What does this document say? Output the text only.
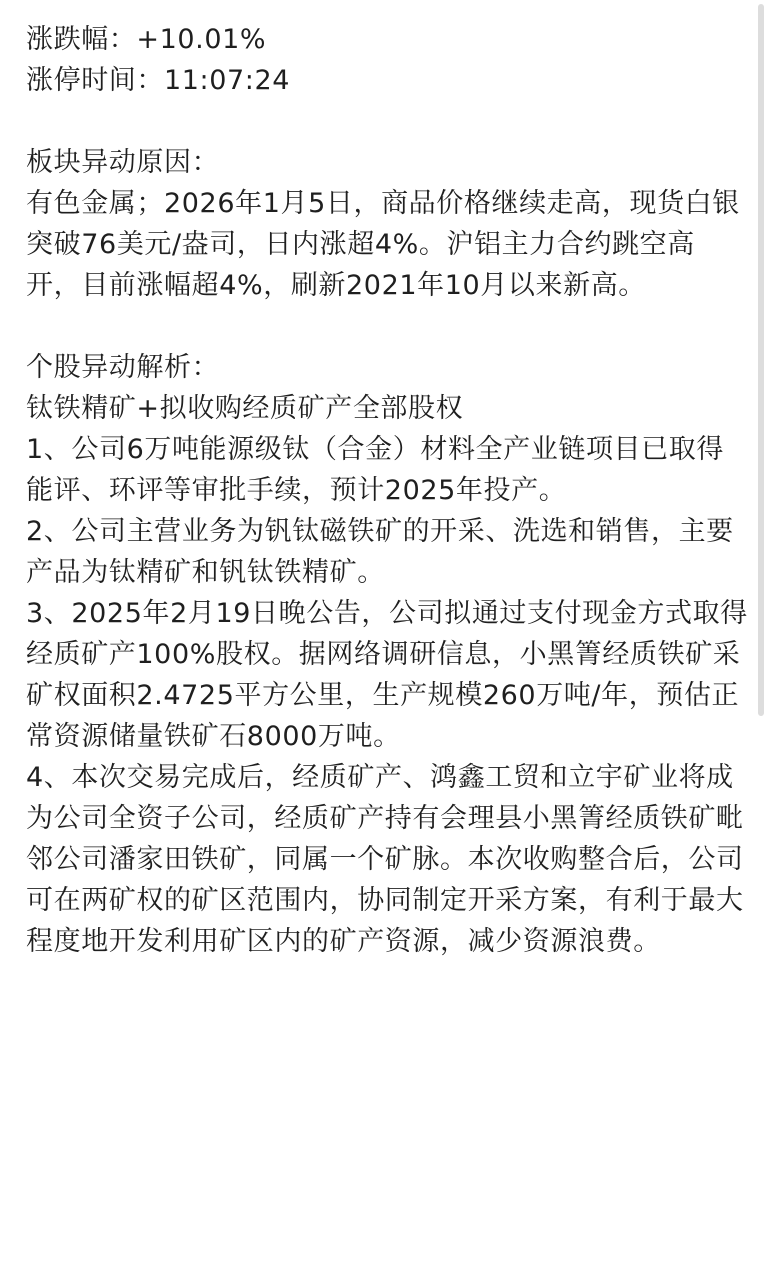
涨跌幅：+10.01%
涨停时间：11:07:24
板块异动原因：
有色金属；2026年1月5日，商品价格继续走高，现货白银突破76美元/盎司，日内涨超4%。沪铝主力合约跳空高开，目前涨幅超4%，刷新2021年10月以来新高。
个股异动解析：
钛铁精矿+拟收购经质矿产全部股权
1、公司6万吨能源级钛（合金）材料全产业链项目已取得能评、环评等审批手续，预计2025年投产。
2、公司主营业务为钒钛磁铁矿的开采、洗选和销售，主要产品为钛精矿和钒钛铁精矿。
3、2025年2月19日晚公告，公司拟通过支付现金方式取得经质矿产100%股权。据网络调研信息，小黑箐经质铁矿采矿权面积2.4725平方公里，生产规模260万吨/年，预估正常资源储量铁矿石8000万吨。
4、本次交易完成后，经质矿产、鸿鑫工贸和立宇矿业将成为公司全资子公司，经质矿产持有会理县小黑箐经质铁矿毗邻公司潘家田铁矿，同属一个矿脉。本次收购整合后，公司可在两矿权的矿区范围内，协同制定开采方案，有利于最大程度地开发利用矿区内的矿产资源，减少资源浪费。
